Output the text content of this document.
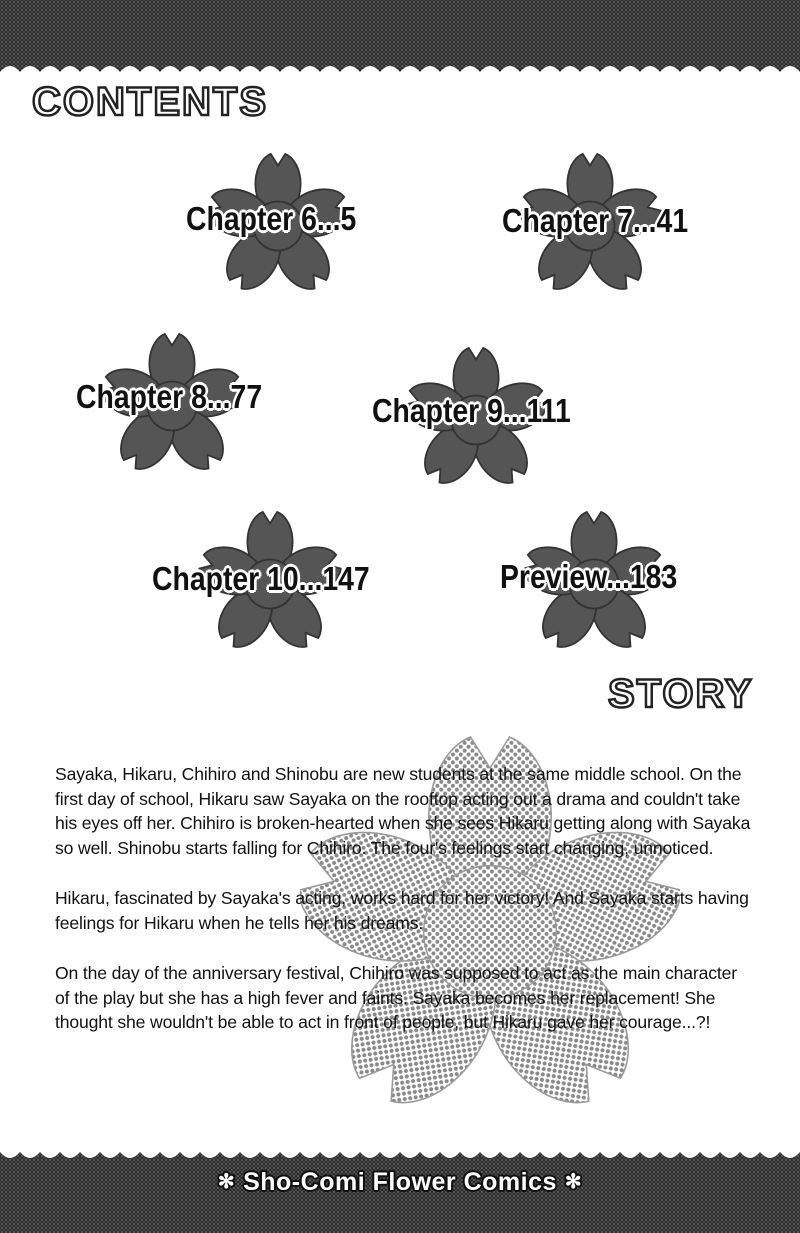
CONTENTS
Chapter 6...5	Chapter 7...41
Chapter 8...77	Chapter 9...111
Chapter 10...147	Preview...183
STORY

Sayaka, Hikaru, Chihiro and Shinobu are new students at the same middle school. On the first day of school, Hikaru saw Sayaka on the rooftop acting out a drama and couldn't take his eyes off her. Chihiro is broken-hearted when she sees Hikaru getting along with Sayaka so well. Shinobu starts falling for Chihiro. The four's feelings start changing, unnoticed.

Hikaru, fascinated by Sayaka's acting, works hard for her victory! And Sayaka starts having feelings for Hikaru when he tells her his dreams.

On the day of the anniversary festival, Chihiro was supposed to act as the main character of the play but she has a high fever and faints. Sayaka becomes her replacement! She thought she wouldn't be able to act in front of people, but Hikaru gave her courage...?!

✻ Sho-Comi Flower Comics ✻
